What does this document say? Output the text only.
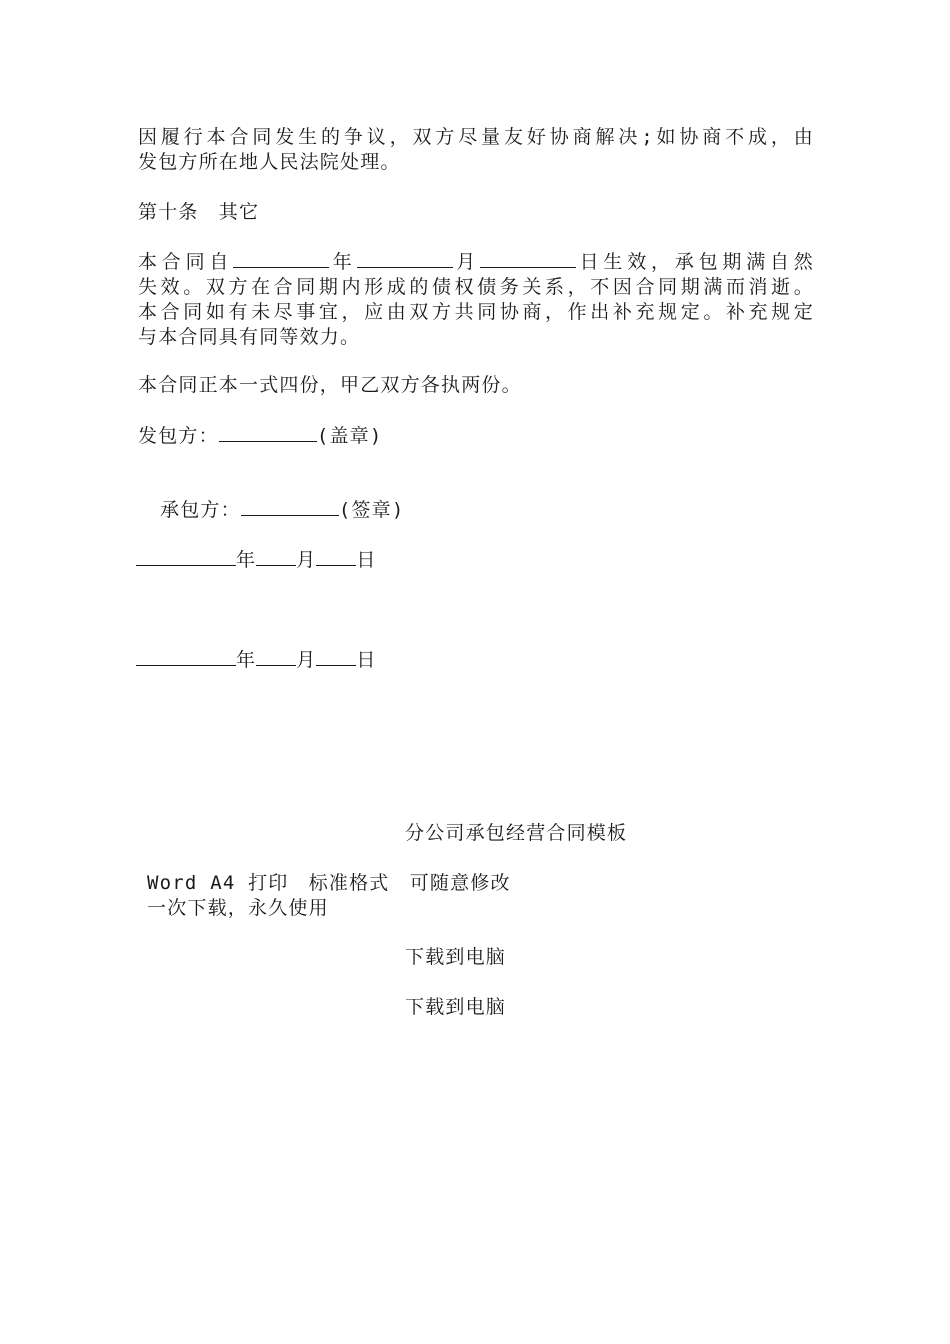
因履行本合同发生的争议，双方尽量友好协商解决;如协商不成，由
发包方所在地人民法院处理。

第十条　其它

本合同自	年	月	日生效，承包期满自然
失效。双方在合同期内形成的债权债务关系，不因合同期满而消逝。
本合同如有未尽事宜，应由双方共同协商，作出补充规定。补充规定
与本合同具有同等效力。

本合同正本一式四份，甲乙双方各执两份。

发包方：	(盖章)
承包方：	(签章)
年 月 日
年 月 日
分公司承包经营合同模板
Word A4 打印　标准格式　可随意修改
一次下载，永久使用
下载到电脑
下载到电脑
